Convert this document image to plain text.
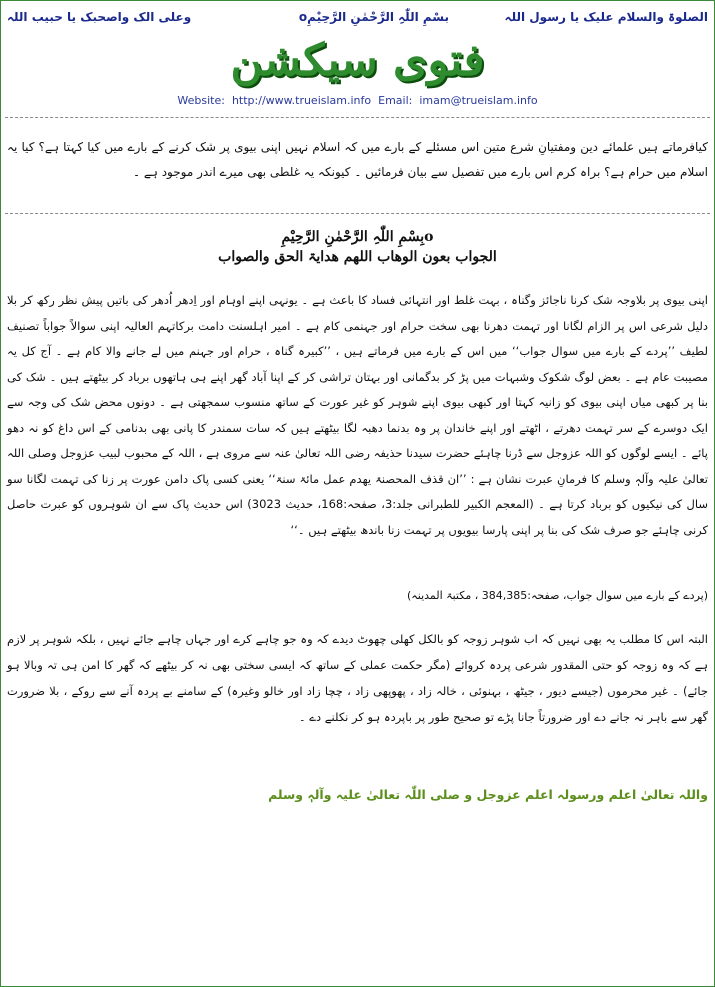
الصلوۃ والسلام علیک یا رسول اللہ
بسْمِ اللّٰہِ الرَّحْمٰنِ الرَّحِیْمِo
وعلی الک واصحبک یا حبیب اللہ
فتوی سیکشن
Website:  http://www.trueislam.info  Email:  imam@trueislam.info
کیافرماتے ہیں علمائے دین ومفتیانِ شرع متین اس مسئلے کے بارے میں کہ اسلام نہیں اپنی بیوی پر شک کرنے کے بارے میں کیا کہتا ہے؟ کیا یہ اسلام میں حرام ہے؟ براہ کرم اس بارے میں تفصیل سے بیان فرمائیں ۔ کیونکہ یہ غلطی بھی میرے اندر موجود ہے ۔
بِسْمِ اللّٰہِ الرَّحْمٰنِ الرَّحِیْمِo
الجواب بعون الوھاب اللھم ھدایۃ الحق والصواب
اپنی بیوی پر بلاوجہ شک کرنا ناجائز وگناہ ، بہت غلط اور انتہائی فساد کا باعث ہے ۔ یونہی اپنے اوہام اور اِدھر اُدھر کی باتیں پیش نظر رکھ کر بلا دلیل شرعی اس پر الزام لگانا اور تہمت دھرنا بھی سخت حرام اور جہنمی کام ہے ۔ امیر اہلسنت دامت برکاتہم العالیہ اپنی سوالاً جواباً تصنیف لطیف ’’پردے کے بارے میں سوال جواب‘‘ میں اس کے بارے میں فرماتے ہیں ، ’’کبیرہ گناہ ، حرام اور جہنم میں لے جانے والا کام ہے ۔ آج کل یہ مصیبت عام ہے ۔ بعض لوگ شکوک وشبہات میں پڑ کر بدگمانی اور بہتان تراشی کر کے اپنا آباد گھر اپنے ہی ہاتھوں برباد کر بیٹھتے ہیں ۔ شک کی بنا پر کبھی میاں اپنی بیوی کو زانیہ کہتا اور کبھی بیوی اپنے شوہر کو غیر عورت کے ساتھ منسوب سمجھتی ہے ۔ دونوں محض شک کی وجہ سے ایک دوسرے کے سر تہمت دھرتے ، اٹھتے اور اپنے خاندان پر وہ بدنما دھبہ لگا بیٹھتے ہیں کہ سات سمندر کا پانی بھی بدنامی کے اس داغ کو نہ دھو پائے ۔ ایسے لوگوں کو اللہ عزوجل سے ڈرنا چاہئے حضرت سیدنا حذیفہ رضی اللہ تعالیٰ عنہ سے مروی ہے ، اللہ کے محبوب لبیب عزوجل وصلی اللہ تعالیٰ علیہ وآلہٖ وسلم کا فرمانِ عبرت نشان ہے : ’’ان قذف المحصنۃ یھدم عمل مائۃ سنۃ‘‘ یعنی کسی پاک دامن عورت پر زنا کی تہمت لگانا سو سال کی نیکیوں کو برباد کرتا ہے ۔ (المعجم الکبیر للطبرانی جلد:3، صفحہ:168، حدیث 3023) اس حدیث پاک سے ان شوہروں کو عبرت حاصل کرنی چاہئے جو صرف شک کی بنا پر اپنی پارسا بیویوں پر تہمت زنا باندھ بیٹھتے ہیں ۔‘‘
(پردے کے بارے میں سوال جواب، صفحہ:384,385 ، مکتبۃ المدینہ)
البتہ اس کا مطلب یہ بھی نہیں کہ اب شوہر زوجہ کو بالکل کھلی چھوٹ دیدے کہ وہ جو چاہے کرے اور جہاں چاہے جائے نہیں ، بلکہ شوہر پر لازم ہے کہ وہ زوجہ کو حتی المقدور شرعی پردہ کروائے (مگر حکمت عملی کے ساتھ کہ ایسی سختی بھی نہ کر بیٹھے کہ گھر کا امن ہی تہ وبالا ہو جائے) ۔ غیر محرموں (جیسے دیور ، جیٹھ ، بہنوئی ، خالہ زاد ، پھوپھی زاد ، چچا زاد اور خالو وغیرہ) کے سامنے بے پردہ آنے سے روکے ، بلا ضرورت گھر سے باہر نہ جانے دے اور ضرورتاً جانا پڑے تو صحیح طور پر باپردہ ہو کر نکلنے دے ۔
واللہ تعالیٰ اعلم ورسولہ اعلم عزوجل و صلی اللّٰہ تعالیٰ علیہ وآلہٖ وسلم
